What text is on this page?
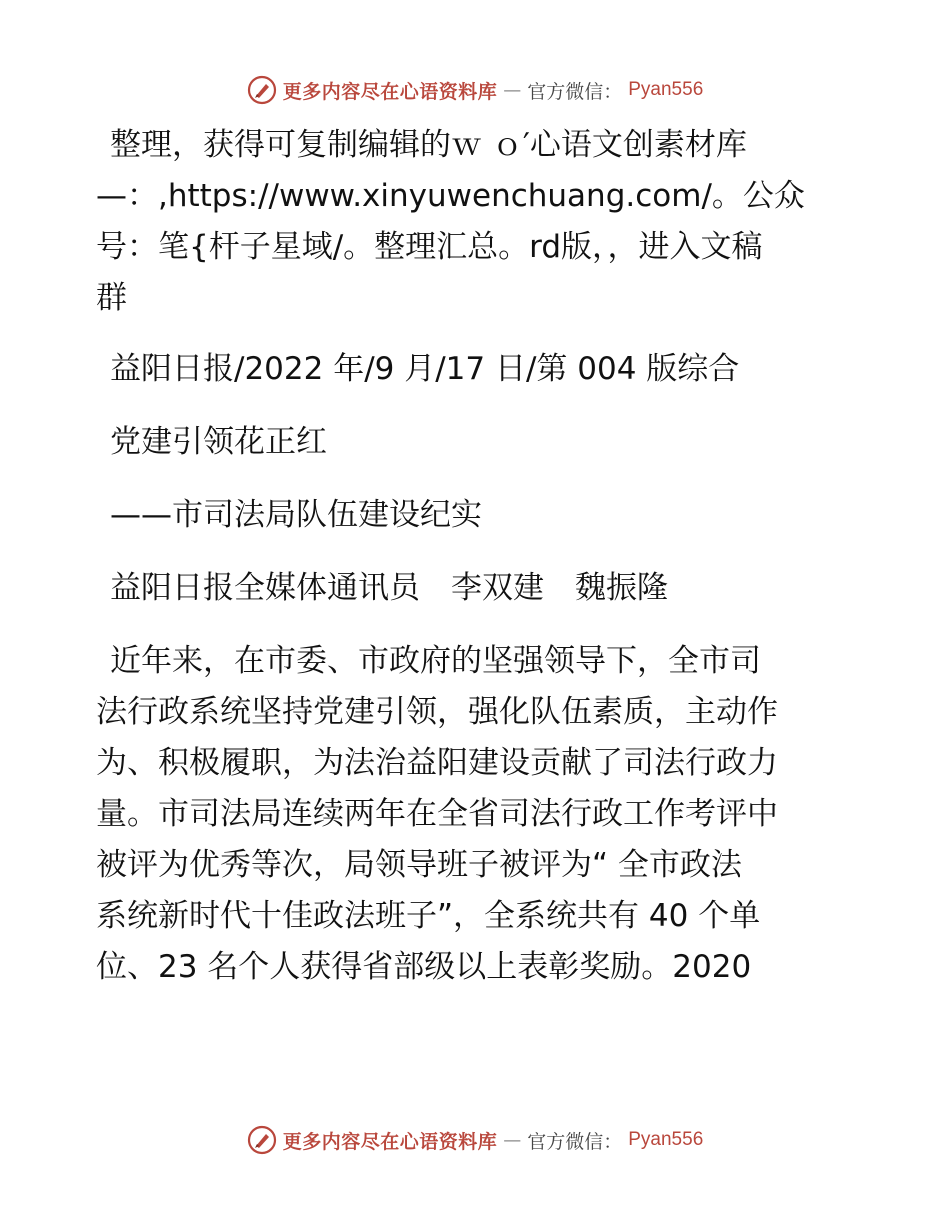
更多内容尽在心语资料库 — 官方微信： Pyan556

整理，获得可复制编辑的ｗ ｏ′心语文创素材库

—：,https://www.xinyuwenchuang.com/。公众

号：笔{杆子星域/。整理汇总。rd版，，进入文稿

群

益阳日报/2022 年/9 月/17 日/第 004 版综合

党建引领花正红

——市司法局队伍建设纪实

益阳日报全媒体通讯员　李双建　魏振隆

近年来，在市委、市政府的坚强领导下，全市司

法行政系统坚持党建引领，强化队伍素质，主动作

为、积极履职，为法治益阳建设贡献了司法行政力

量。市司法局连续两年在全省司法行政工作考评中

被评为优秀等次，局领导班子被评为“ 全市政法

系统新时代十佳政法班子”，全系统共有 40 个单

位、23 名个人获得省部级以上表彰奖励。2020

更多内容尽在心语资料库 — 官方微信： Pyan556
